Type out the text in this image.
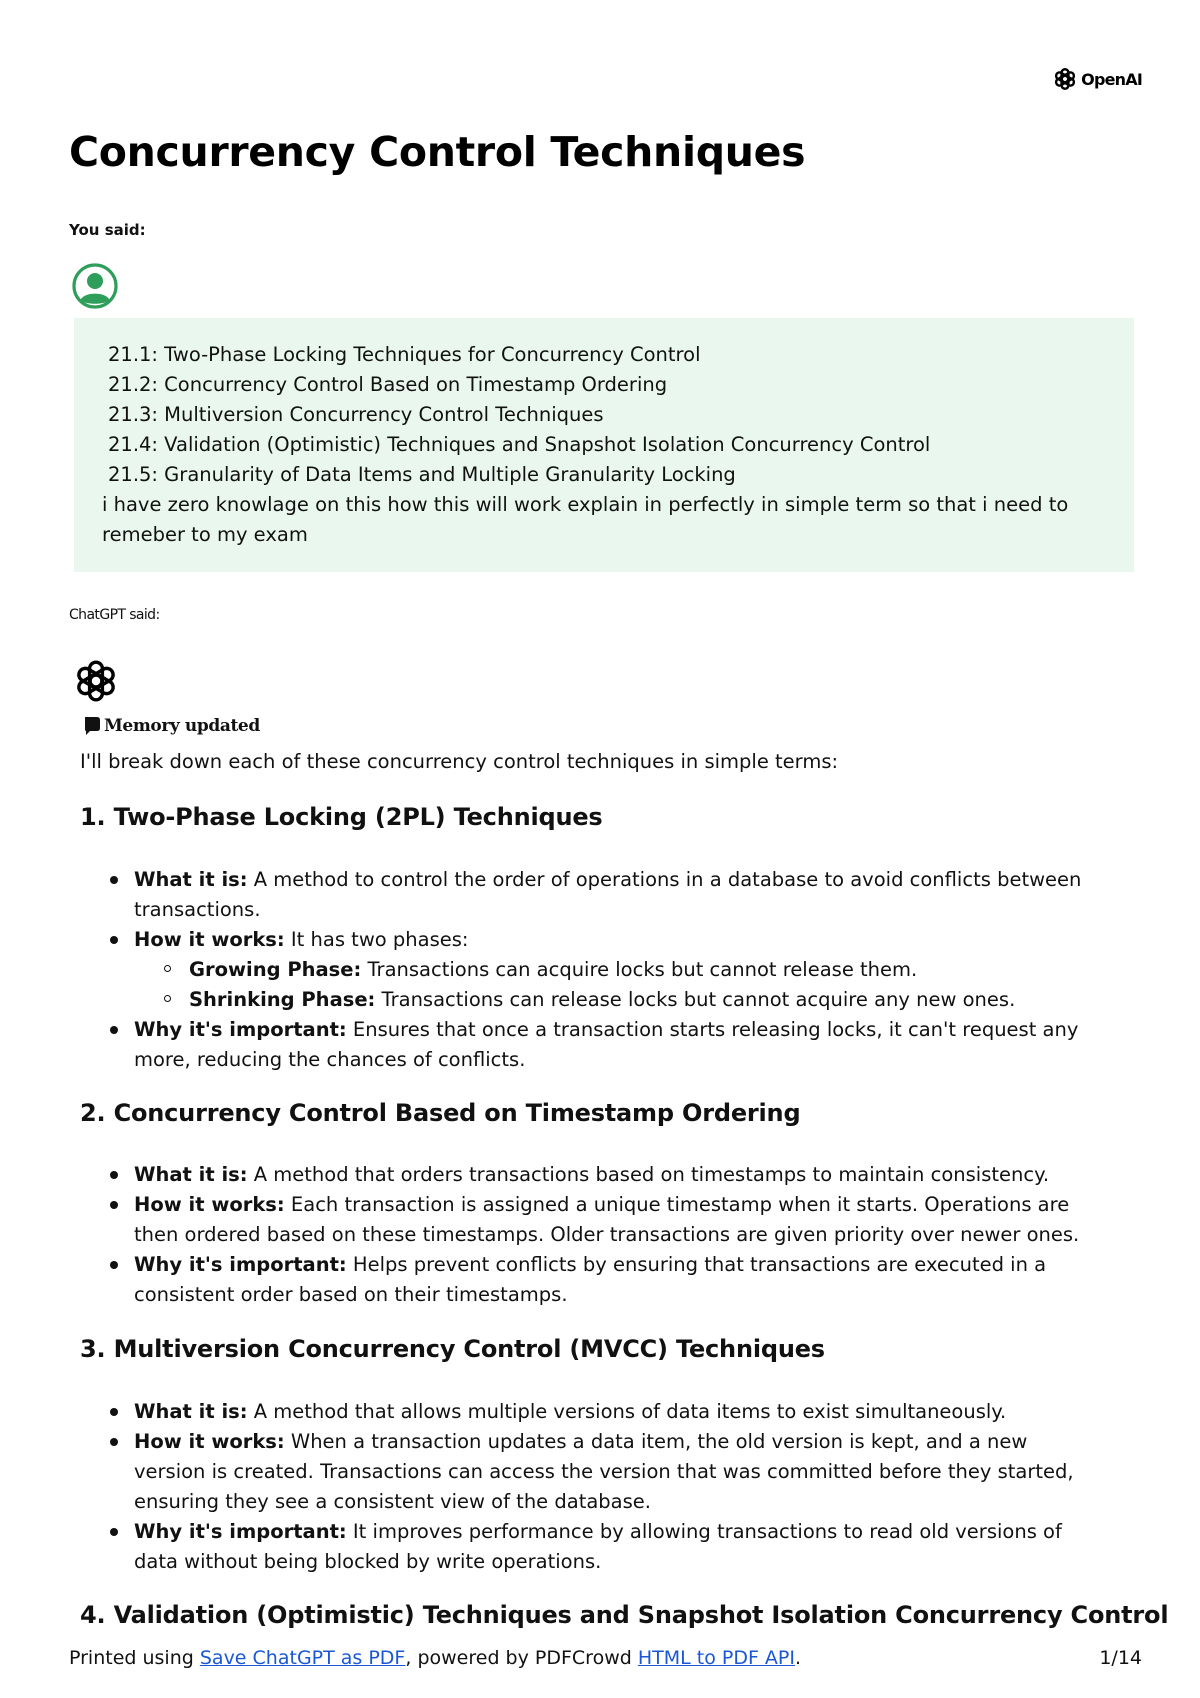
OpenAI
Concurrency Control Techniques
You said:
21.1: Two-Phase Locking Techniques for Concurrency Control
21.2: Concurrency Control Based on Timestamp Ordering
21.3: Multiversion Concurrency Control Techniques
21.4: Validation (Optimistic) Techniques and Snapshot Isolation Concurrency Control
21.5: Granularity of Data Items and Multiple Granularity Locking
i have zero knowlage on this how this will work explain in perfectly in simple term so that i need to
remeber to my exam
ChatGPT said:
Memory updated
I'll break down each of these concurrency control techniques in simple terms:
1. Two-Phase Locking (2PL) Techniques
What it is: A method to control the order of operations in a database to avoid conflicts between
transactions.
How it works: It has two phases:
Growing Phase: Transactions can acquire locks but cannot release them.
Shrinking Phase: Transactions can release locks but cannot acquire any new ones.
Why it's important: Ensures that once a transaction starts releasing locks, it can't request any
more, reducing the chances of conflicts.
2. Concurrency Control Based on Timestamp Ordering
What it is: A method that orders transactions based on timestamps to maintain consistency.
How it works: Each transaction is assigned a unique timestamp when it starts. Operations are
then ordered based on these timestamps. Older transactions are given priority over newer ones.
Why it's important: Helps prevent conflicts by ensuring that transactions are executed in a
consistent order based on their timestamps.
3. Multiversion Concurrency Control (MVCC) Techniques
What it is: A method that allows multiple versions of data items to exist simultaneously.
How it works: When a transaction updates a data item, the old version is kept, and a new
version is created. Transactions can access the version that was committed before they started,
ensuring they see a consistent view of the database.
Why it's important: It improves performance by allowing transactions to read old versions of
data without being blocked by write operations.
4. Validation (Optimistic) Techniques and Snapshot Isolation Concurrency Control
Printed using Save ChatGPT as PDF, powered by PDFCrowd HTML to PDF API.	1/14
